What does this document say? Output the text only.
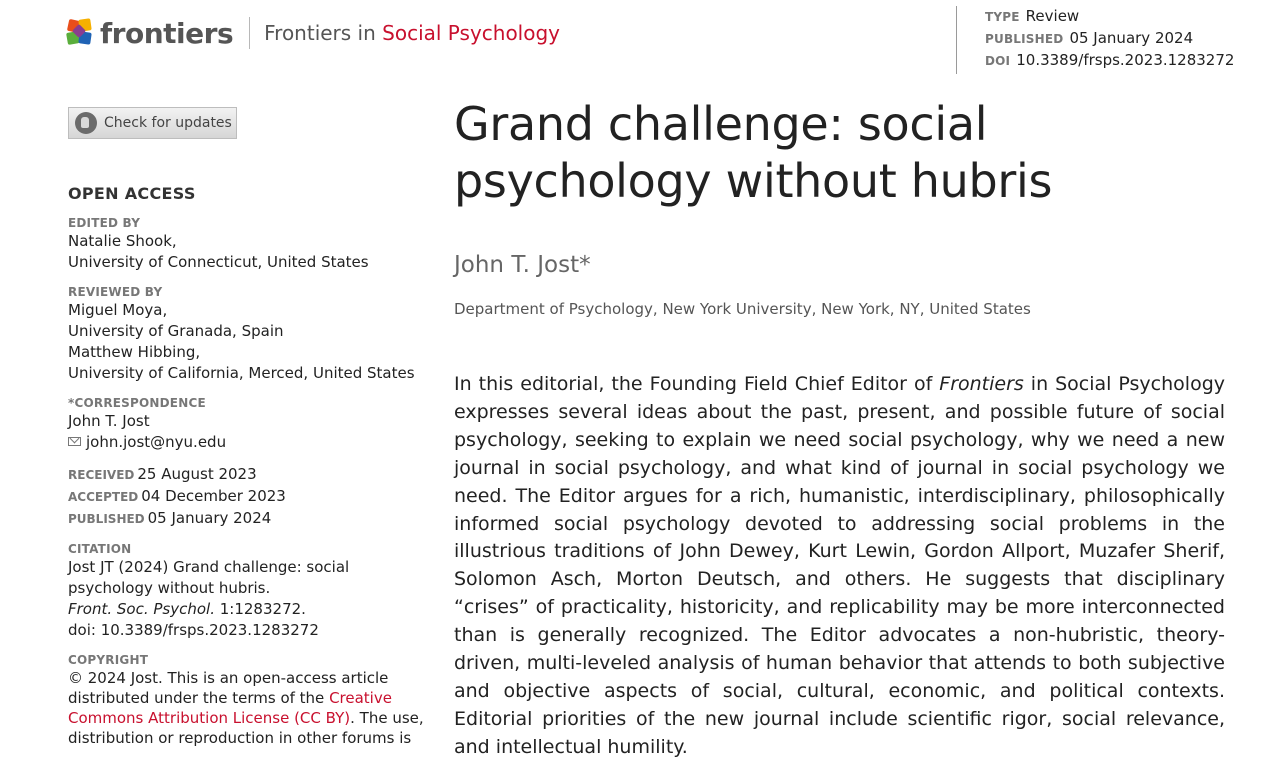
frontiers Frontiers in Social Psychology
TYPE Review
PUBLISHED 05 January 2024
DOI 10.3389/frsps.2023.1283272
Check for updates
OPEN ACCESS
EDITED BY
Natalie Shook,
University of Connecticut, United States
REVIEWED BY
Miguel Moya,
University of Granada, Spain
Matthew Hibbing,
University of California, Merced, United States
*CORRESPONDENCE
John T. Jost
john.jost@nyu.edu
RECEIVED 25 August 2023
ACCEPTED 04 December 2023
PUBLISHED 05 January 2024
CITATION
Jost JT (2024) Grand challenge: social
psychology without hubris.
Front. Soc. Psychol. 1:1283272.
doi: 10.3389/frsps.2023.1283272
COPYRIGHT
© 2024 Jost. This is an open-access article distributed under the terms of the Creative Commons Attribution License (CC BY). The use, distribution or reproduction in other forums is
Grand challenge: social psychology without hubris
John T. Jost*
Department of Psychology, New York University, New York, NY, United States

In this editorial, the Founding Field Chief Editor of Frontiers in Social Psychology expresses several ideas about the past, present, and possible future of social psychology, seeking to explain we need social psychology, why we need a new journal in social psychology, and what kind of journal in social psychology we need. The Editor argues for a rich, humanistic, interdisciplinary, philosophically informed social psychology devoted to addressing social problems in the illustrious traditions of John Dewey, Kurt Lewin, Gordon Allport, Muzafer Sherif, Solomon Asch, Morton Deutsch, and others. He suggests that disciplinary “crises” of practicality, historicity, and replicability may be more interconnected than is generally recognized. The Editor advocates a non-hubristic, theory-driven, multi-leveled analysis of human behavior that attends to both subjective and objective aspects of social, cultural, economic, and political contexts. Editorial priorities of the new journal include scientific rigor, social relevance, and intellectual humility.
